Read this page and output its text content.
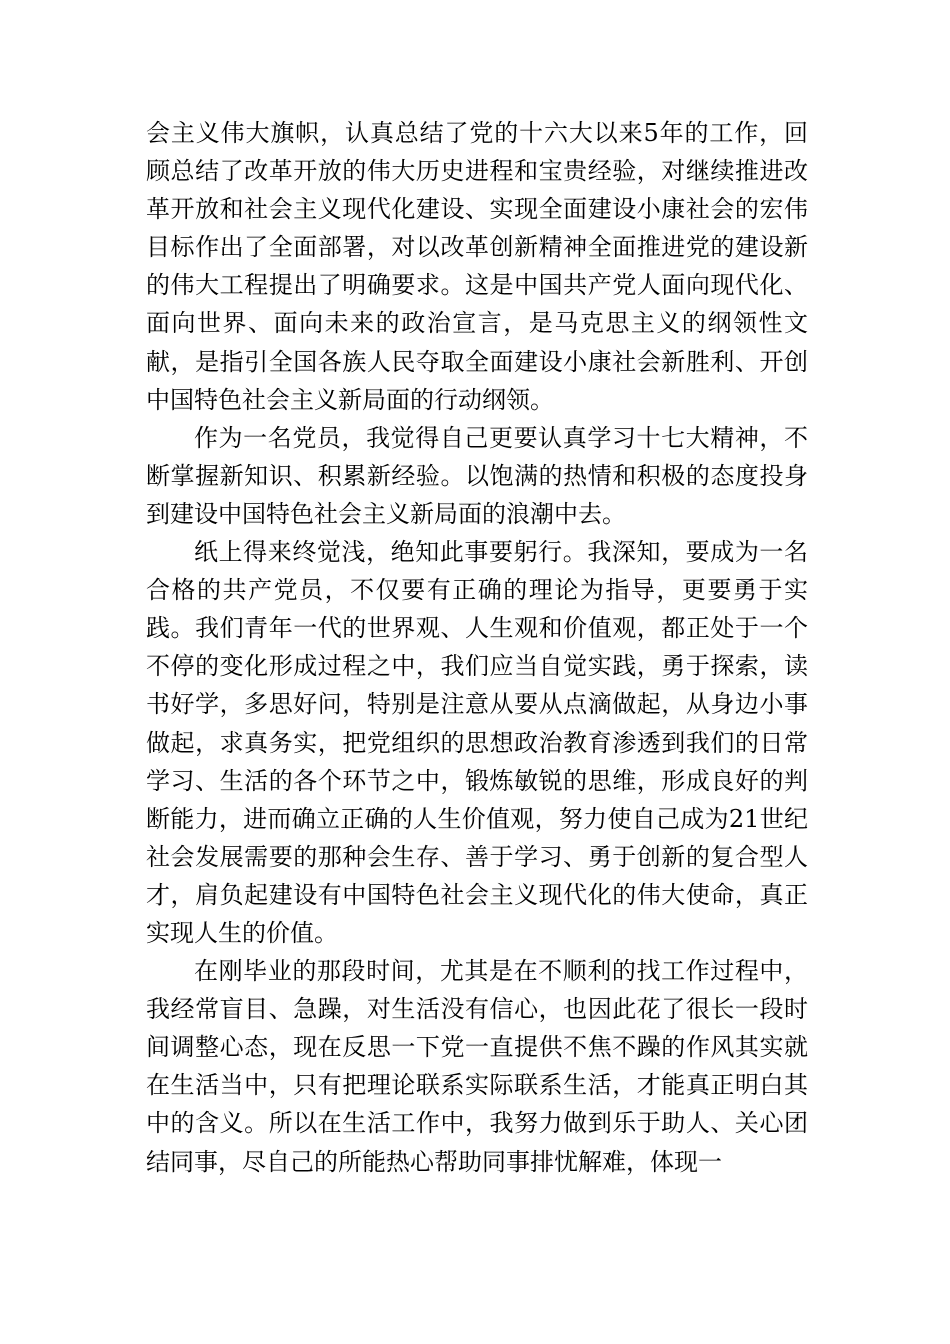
会主义伟大旗帜，认真总结了党的十六大以来5年的工作，回顾总结了改革开放的伟大历史进程和宝贵经验，对继续推进改革开放和社会主义现代化建设、实现全面建设小康社会的宏伟目标作出了全面部署，对以改革创新精神全面推进党的建设新的伟大工程提出了明确要求。这是中国共产党人面向现代化、面向世界、面向未来的政治宣言，是马克思主义的纲领性文献，是指引全国各族人民夺取全面建设小康社会新胜利、开创中国特色社会主义新局面的行动纲领。

作为一名党员，我觉得自己更要认真学习十七大精神，不断掌握新知识、积累新经验。以饱满的热情和积极的态度投身到建设中国特色社会主义新局面的浪潮中去。

纸上得来终觉浅，绝知此事要躬行。我深知，要成为一名合格的共产党员，不仅要有正确的理论为指导，更要勇于实践。我们青年一代的世界观、人生观和价值观，都正处于一个不停的变化形成过程之中，我们应当自觉实践，勇于探索，读书好学，多思好问，特别是注意从要从点滴做起，从身边小事做起，求真务实，把党组织的思想政治教育渗透到我们的日常学习、生活的各个环节之中，锻炼敏锐的思维，形成良好的判断能力，进而确立正确的人生价值观，努力使自己成为21世纪社会发展需要的那种会生存、善于学习、勇于创新的复合型人才，肩负起建设有中国特色社会主义现代化的伟大使命，真正实现人生的价值。

在刚毕业的那段时间，尤其是在不顺利的找工作过程中，我经常盲目、急躁，对生活没有信心，也因此花了很长一段时间调整心态，现在反思一下党一直提供不焦不躁的作风其实就在生活当中，只有把理论联系实际联系生活，才能真正明白其中的含义。所以在生活工作中，我努力做到乐于助人、关心团结同事，尽自己的所能热心帮助同事排忧解难，体现一
